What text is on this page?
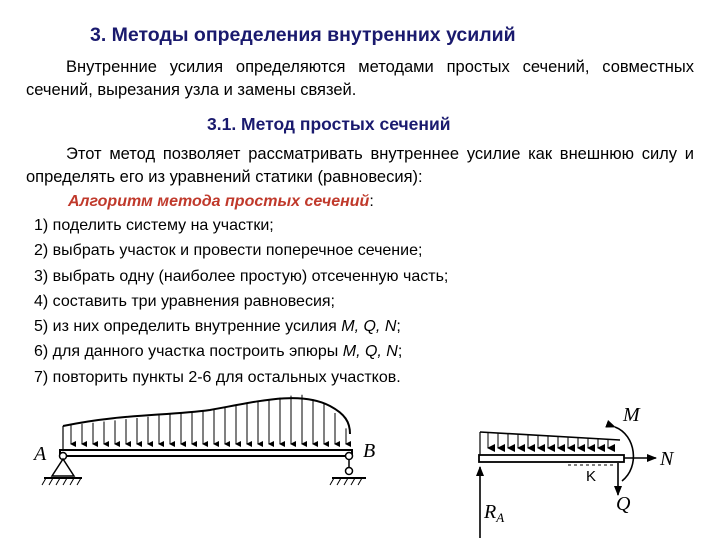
3. Методы определения внутренних усилий
Внутренние усилия определяются методами простых сечений, совместных сечений, вырезания узла и замены связей.
3.1. Метод простых сечений
Этот метод позволяет рассматривать внутреннее усилие как внешнюю силу и определять его из уравнений статики (равновесия):
Алгоритм метода простых сечений:
1) поделить систему на участки;
2) выбрать участок и провести поперечное сечение;
3) выбрать одну (наиболее простую) отсеченную часть;
4) составить три уравнения равновесия;
5) из них определить внутренние усилия M, Q, N;
6) для данного участка построить эпюры M, Q, N;
7) повторить пункты 2-6 для остальных участков.
A	B
M
N
Q
K
$R_A$
